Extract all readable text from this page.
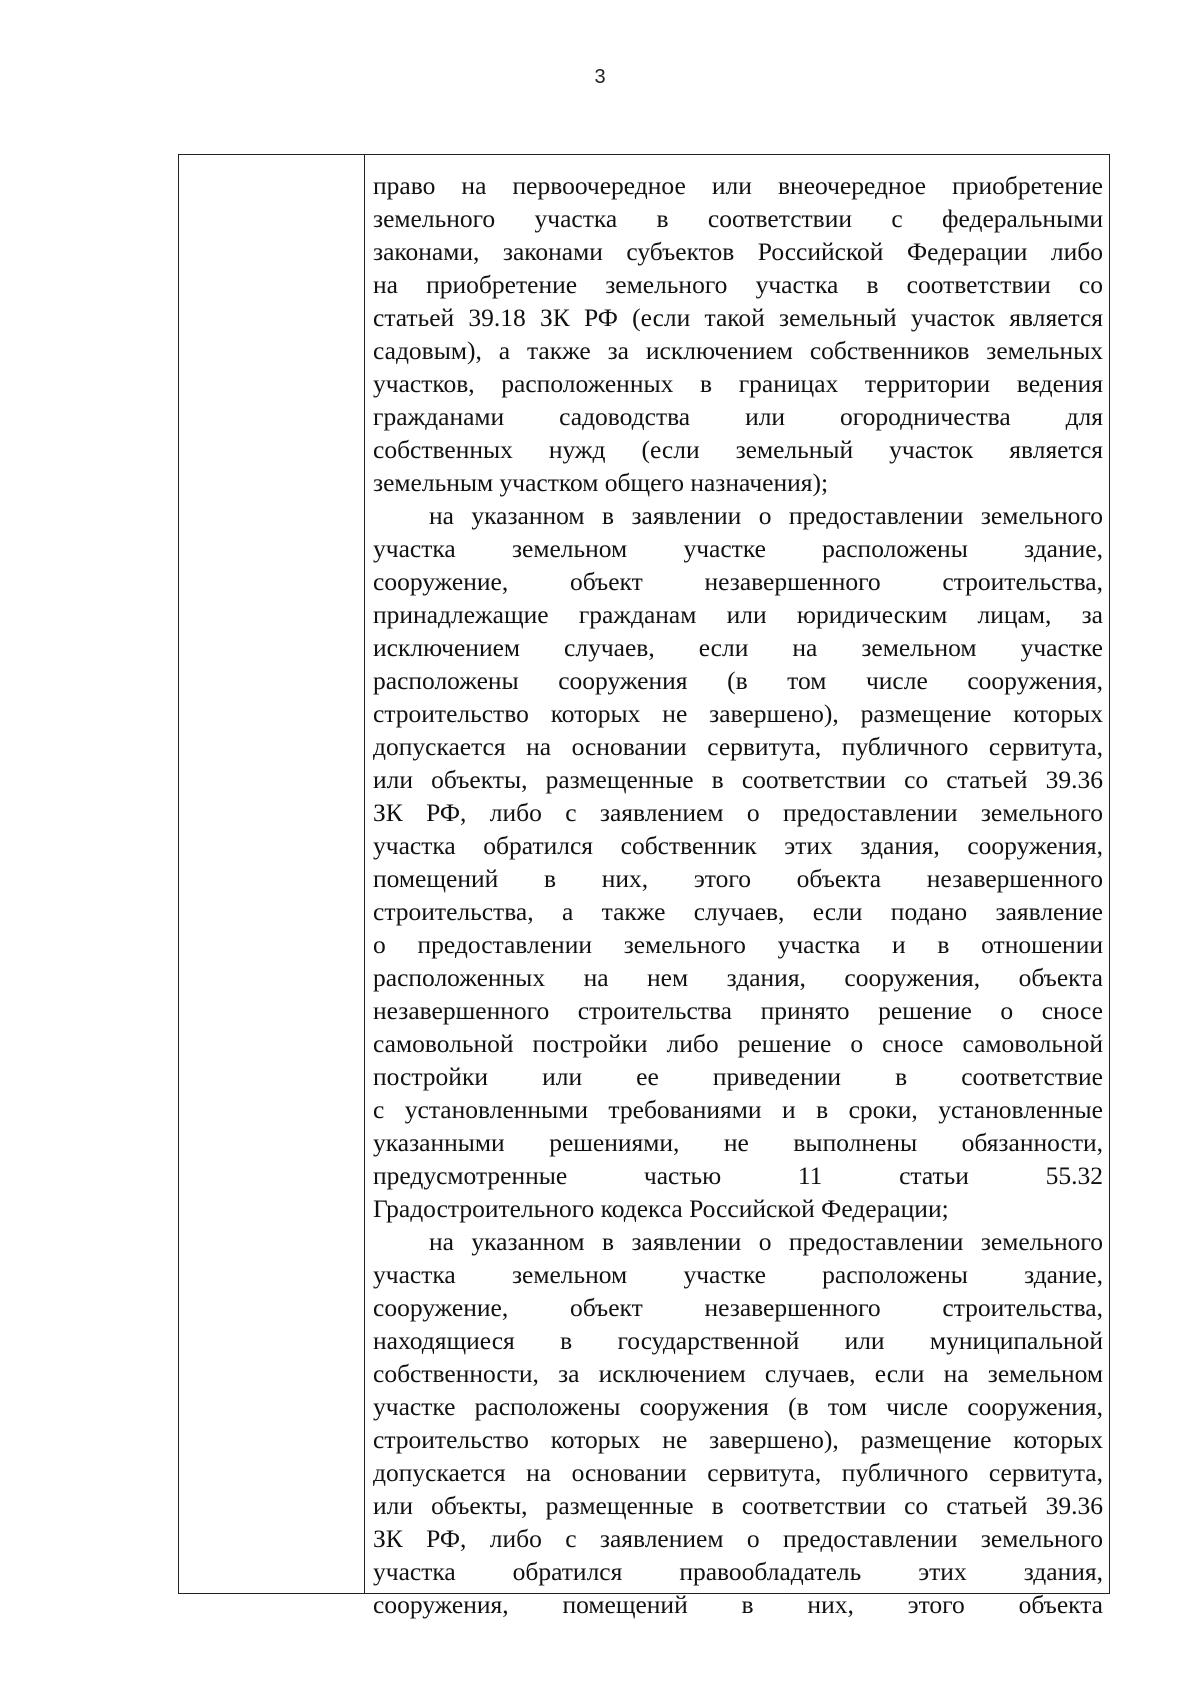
3
право на первоочередное или внеочередное приобретение
земельного участка в соответствии с федеральными
законами, законами субъектов Российской Федерации либо
на приобретение земельного участка в соответствии со
статьей 39.18 ЗК РФ (если такой земельный участок является
садовым), а также за исключением собственников земельных
участков, расположенных в границах территории ведения
гражданами садоводства или огородничества для
собственных нужд (если земельный участок является
земельным участком общего назначения);
на указанном в заявлении о предоставлении земельного
участка земельном участке расположены здание,
сооружение, объект незавершенного строительства,
принадлежащие гражданам или юридическим лицам, за
исключением случаев, если на земельном участке
расположены сооружения (в том числе сооружения,
строительство которых не завершено), размещение которых
допускается на основании сервитута, публичного сервитута,
или объекты, размещенные в соответствии со статьей 39.36
ЗК РФ, либо с заявлением о предоставлении земельного
участка обратился собственник этих здания, сооружения,
помещений в них, этого объекта незавершенного
строительства, а также случаев, если подано заявление
о предоставлении земельного участка и в отношении
расположенных на нем здания, сооружения, объекта
незавершенного строительства принято решение о сносе
самовольной постройки либо решение о сносе самовольной
постройки или ее приведении в соответствие
с установленными требованиями и в сроки, установленные
указанными решениями, не выполнены обязанности,
предусмотренные частью 11 статьи 55.32
Градостроительного кодекса Российской Федерации;
на указанном в заявлении о предоставлении земельного
участка земельном участке расположены здание,
сооружение, объект незавершенного строительства,
находящиеся в государственной или муниципальной
собственности, за исключением случаев, если на земельном
участке расположены сооружения (в том числе сооружения,
строительство которых не завершено), размещение которых
допускается на основании сервитута, публичного сервитута,
или объекты, размещенные в соответствии со статьей 39.36
ЗК РФ, либо с заявлением о предоставлении земельного
участка обратился правообладатель этих здания,
сооружения, помещений в них, этого объекта
